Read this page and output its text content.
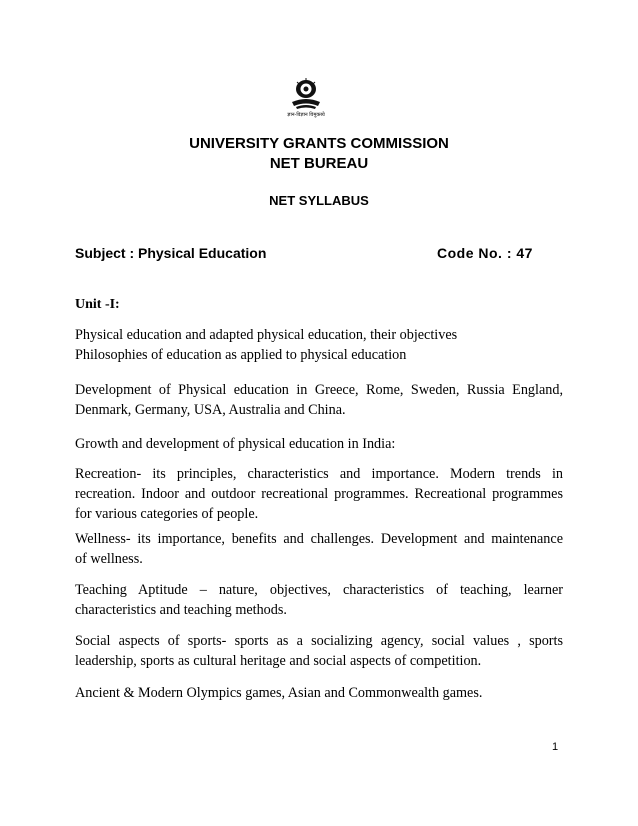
ज्ञान-विज्ञान विमुक्तये
UNIVERSITY GRANTS COMMISSION
NET BUREAU
NET SYLLABUS
Subject : Physical Education	Code No. : 47
Unit -I:
Physical education and adapted physical education, their objectives
Philosophies of education as applied to physical education
Development of Physical education in Greece, Rome, Sweden, Russia England,
Denmark, Germany, USA, Australia and China.
Growth and development of physical education in India:
Recreation- its principles, characteristics and importance. Modern trends in
recreation. Indoor and outdoor recreational programmes. Recreational programmes
for various categories of people.
Wellness- its importance, benefits and challenges. Development and maintenance
of wellness.
Teaching Aptitude – nature, objectives, characteristics of teaching, learner
characteristics and teaching methods.
Social aspects of sports- sports as a socializing agency, social values , sports
leadership, sports as cultural heritage and social aspects of competition.
Ancient & Modern Olympics games, Asian and Commonwealth games.
1
